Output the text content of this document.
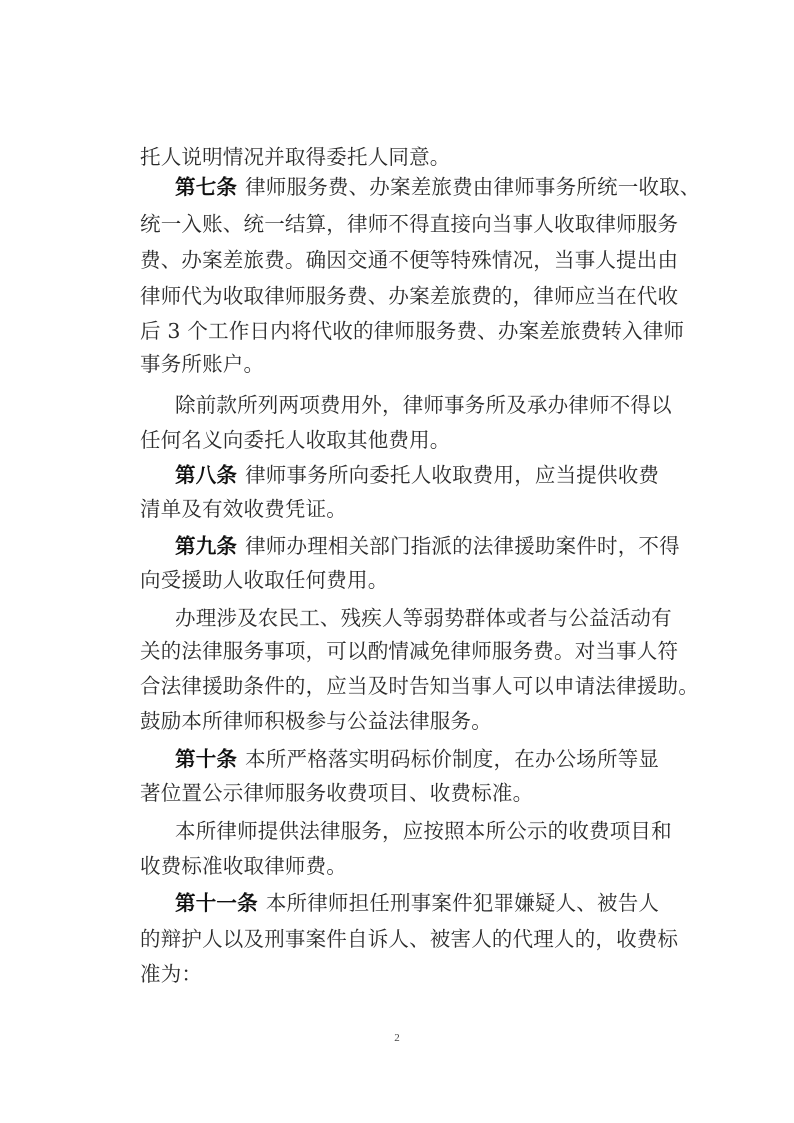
托人说明情况并取得委托人同意。
第七条 律师服务费、办案差旅费由律师事务所统一收取、
统一入账、统一结算，律师不得直接向当事人收取律师服务
费、办案差旅费。确因交通不便等特殊情况，当事人提出由
律师代为收取律师服务费、办案差旅费的，律师应当在代收
后 3 个工作日内将代收的律师服务费、办案差旅费转入律师
事务所账户。
除前款所列两项费用外，律师事务所及承办律师不得以
任何名义向委托人收取其他费用。
第八条 律师事务所向委托人收取费用，应当提供收费
清单及有效收费凭证。
第九条 律师办理相关部门指派的法律援助案件时，不得
向受援助人收取任何费用。
办理涉及农民工、残疾人等弱势群体或者与公益活动有
关的法律服务事项，可以酌情减免律师服务费。对当事人符
合法律援助条件的，应当及时告知当事人可以申请法律援助。
鼓励本所律师积极参与公益法律服务。
第十条 本所严格落实明码标价制度，在办公场所等显
著位置公示律师服务收费项目、收费标准。
本所律师提供法律服务，应按照本所公示的收费项目和
收费标准收取律师费。
第十一条 本所律师担任刑事案件犯罪嫌疑人、被告人
的辩护人以及刑事案件自诉人、被害人的代理人的，收费标
准为：
2
